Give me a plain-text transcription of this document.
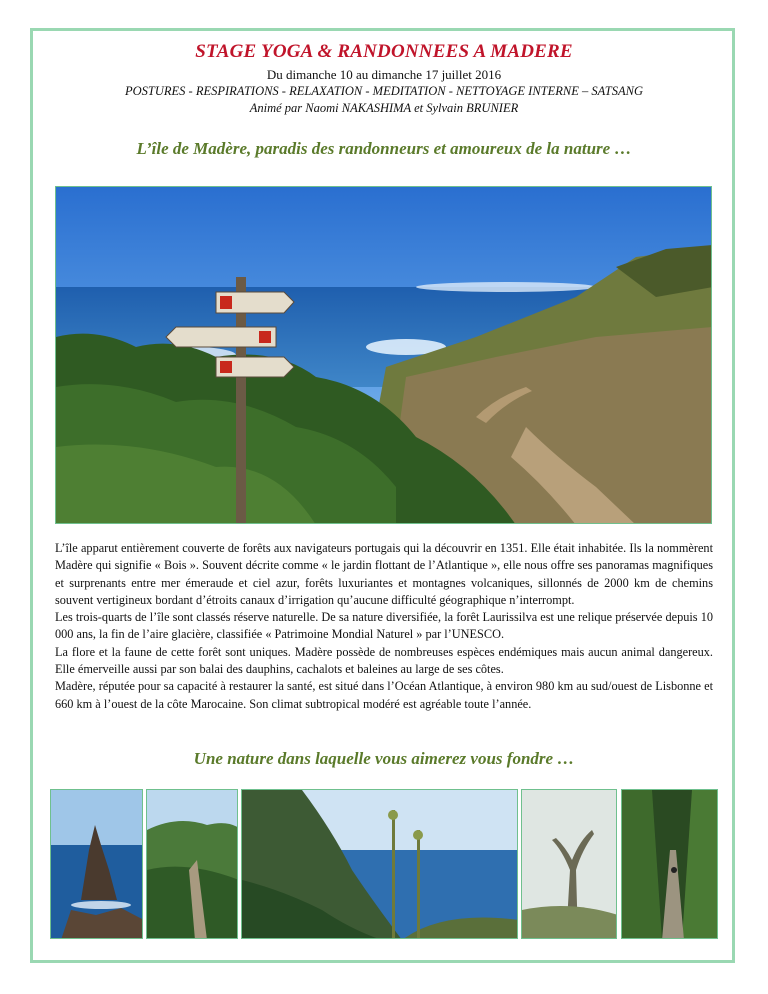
STAGE YOGA & RANDONNEES A MADERE
Du dimanche 10 au dimanche 17 juillet 2016
POSTURES - RESPIRATIONS - RELAXATION - MEDITATION - NETTOYAGE INTERNE – SATSANG
Animé par Naomi NAKASHIMA et Sylvain BRUNIER
L’île de Madère, paradis des randonneurs et amoureux de la nature …

L’île apparut entièrement couverte de forêts aux navigateurs portugais qui la découvrir en 1351. Elle était inhabitée. Ils la nommèrent Madère qui signifie « Bois ». Souvent décrite comme « le jardin flottant de l’Atlantique », elle nous offre ses panoramas magnifiques et surprenants entre mer émeraude et ciel azur, forêts luxuriantes et montagnes volcaniques, sillonnés de 2000 km de chemins souvent vertigineux bordant d’étroits canaux d’irrigation qu’aucune difficulté géographique n’interrompt.

Les trois-quarts de l’île sont classés réserve naturelle. De sa nature diversifiée, la forêt Laurissilva est une relique préservée depuis 10 000 ans, la fin de l’aire glacière, classifiée « Patrimoine Mondial Naturel » par l’UNESCO.

La flore et la faune de cette forêt sont uniques. Madère possède de nombreuses espèces endémiques mais aucun animal dangereux. Elle émerveille aussi par son balai des dauphins, cachalots et baleines au large de ses côtes.

Madère, réputée pour sa capacité à restaurer la santé, est situé dans l’Océan Atlantique, à environ 980 km au sud/ouest de Lisbonne et 660 km à l’ouest de la côte Marocaine. Son climat subtropical modéré est agréable toute l’année.

Une nature dans laquelle vous aimerez vous fondre …
